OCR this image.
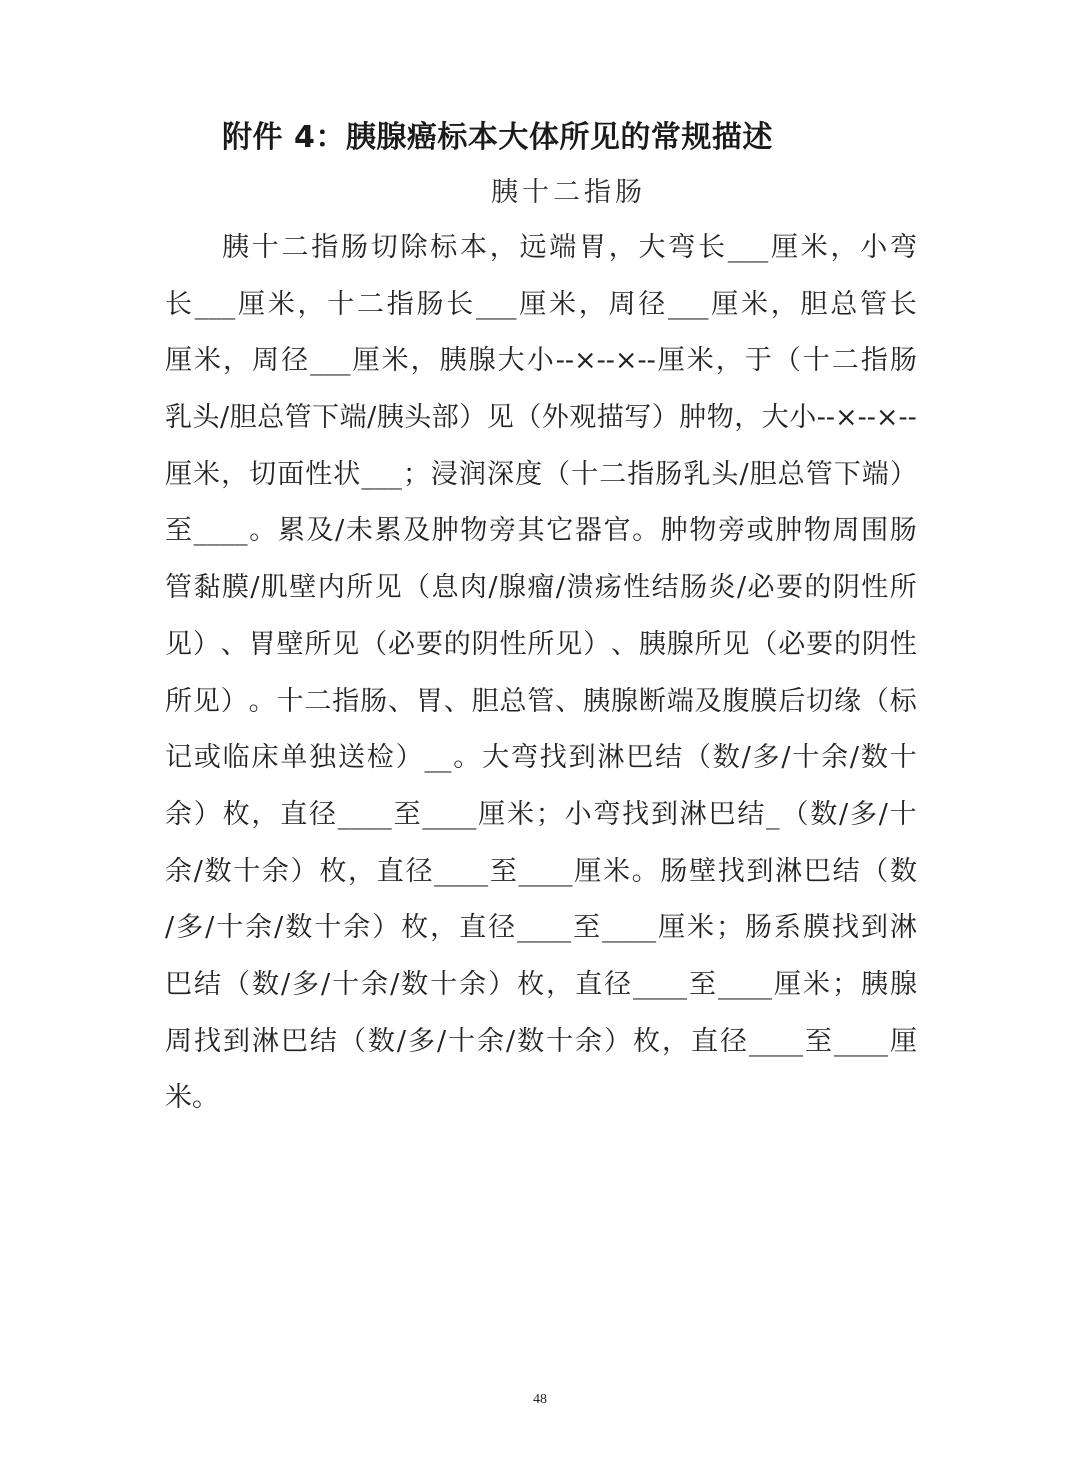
附件 4：胰腺癌标本大体所见的常规描述
胰十二指肠
胰 十 二 指 肠 切 除 标 本 ， 远 端 胃 ， 大 弯 长 ___ 厘 米 ， 小 弯
长 ___ 厘 米 ， 十 二 指 肠 长 ___ 厘 米 ， 周 径 ___ 厘 米 ， 胆 总 管 长
厘 米 ， 周 径 ___ 厘 米 ， 胰 腺 大 小 --×--×-- 厘 米 ， 于 （ 十 二 指 肠
乳 头 / 胆 总 管 下 端 / 胰 头 部 ） 见 （ 外 观 描 写 ） 肿 物 ， 大 小 --×--×--
厘 米 ， 切 面 性 状 ___ ； 浸 润 深 度 （ 十 二 指 肠 乳 头 / 胆 总 管 下 端 ）
至 ____ 。 累 及 / 未 累 及 肿 物 旁 其 它 器 官 。 肿 物 旁 或 肿 物 周 围 肠
管 黏 膜 / 肌 壁 内 所 见 （ 息 肉 / 腺 瘤 / 溃 疡 性 结 肠 炎 / 必 要 的 阴 性 所
见 ） 、 胃 壁 所 见 （ 必 要 的 阴 性 所 见 ） 、 胰 腺 所 见 （ 必 要 的 阴 性
所 见 ） 。 十 二 指 肠 、 胃 、 胆 总 管 、 胰 腺 断 端 及 腹 膜 后 切 缘 （ 标
记 或 临 床 单 独 送 检 ） __ 。 大 弯 找 到 淋 巴 结 （ 数 / 多 / 十 余 / 数 十
余 ） 枚 ， 直 径 ____ 至 ____ 厘 米 ； 小 弯 找 到 淋 巴 结 _ （ 数 / 多 / 十
余 / 数 十 余 ） 枚 ， 直 径 ____ 至 ____ 厘 米 。 肠 壁 找 到 淋 巴 结 （ 数
/ 多 / 十 余 / 数 十 余 ） 枚 ， 直 径 ____ 至 ____ 厘 米 ； 肠 系 膜 找 到 淋
巴 结 （ 数 / 多 / 十 余 / 数 十 余 ） 枚 ， 直 径 ____ 至 ____ 厘 米 ； 胰 腺
周 找 到 淋 巴 结 （ 数 / 多 / 十 余 / 数 十 余 ） 枚 ， 直 径 ____ 至 ____ 厘
米。
48
